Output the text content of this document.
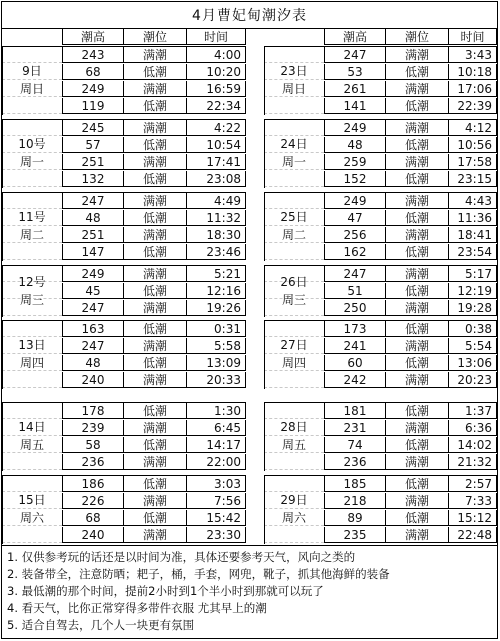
4月曹妃甸潮汐表
潮高	潮位	时间
9日
周日
243	满潮	4:00
68	低潮	10:20
249	满潮	16:59
119	低潮	22:34
10号
周一
245	满潮	4:22
57	低潮	10:54
251	满潮	17:41
132	低潮	23:08
11号
周二
247	满潮	4:49
48	低潮	11:32
251	满潮	18:30
147	低潮	23:46
12号
周三
249	满潮	5:21
45	低潮	12:16
247	满潮	19:26
13日
周四
163	低潮	0:31
247	满潮	5:58
48	低潮	13:09
240	满潮	20:33
14日
周五
178	低潮	1:30
239	满潮	6:45
58	低潮	14:17
236	满潮	22:00
15日
周六
186	低潮	3:03
226	满潮	7:56
68	低潮	15:42
240	满潮	23:30
潮高	潮位	时间
23日
周日
247	满潮	3:43
53	低潮	10:18
261	满潮	17:06
141	低潮	22:39
24日
周一
249	满潮	4:12
48	低潮	10:56
259	满潮	17:58
152	低潮	23:15
25日
周二
249	满潮	4:43
47	低潮	11:36
256	满潮	18:41
162	低潮	23:54
26日
周三
247	满潮	5:17
51	低潮	12:19
250	满潮	19:28
27日
周四
173	低潮	0:38
241	满潮	5:54
60	低潮	13:06
242	满潮	20:23
28日
周五
181	低潮	1:37
231	满潮	6:36
74	低潮	14:02
236	满潮	21:32
29日
周六
185	低潮	2:57
218	满潮	7:33
89	低潮	15:12
235	满潮	22:48
1. 仅供参考玩的话还是以时间为准，具体还要参考天气，风向之类的
2. 装备带全，注意防晒；耙子，桶，手套，网兜，靴子，抓其他海鲜的装备
3. 最低潮的那个时间，提前2小时到1个半小时到那就可以玩了
4. 看天气，比你正常穿得多带件衣服 尤其早上的潮
5. 适合自驾去，几个人一块更有氛围
